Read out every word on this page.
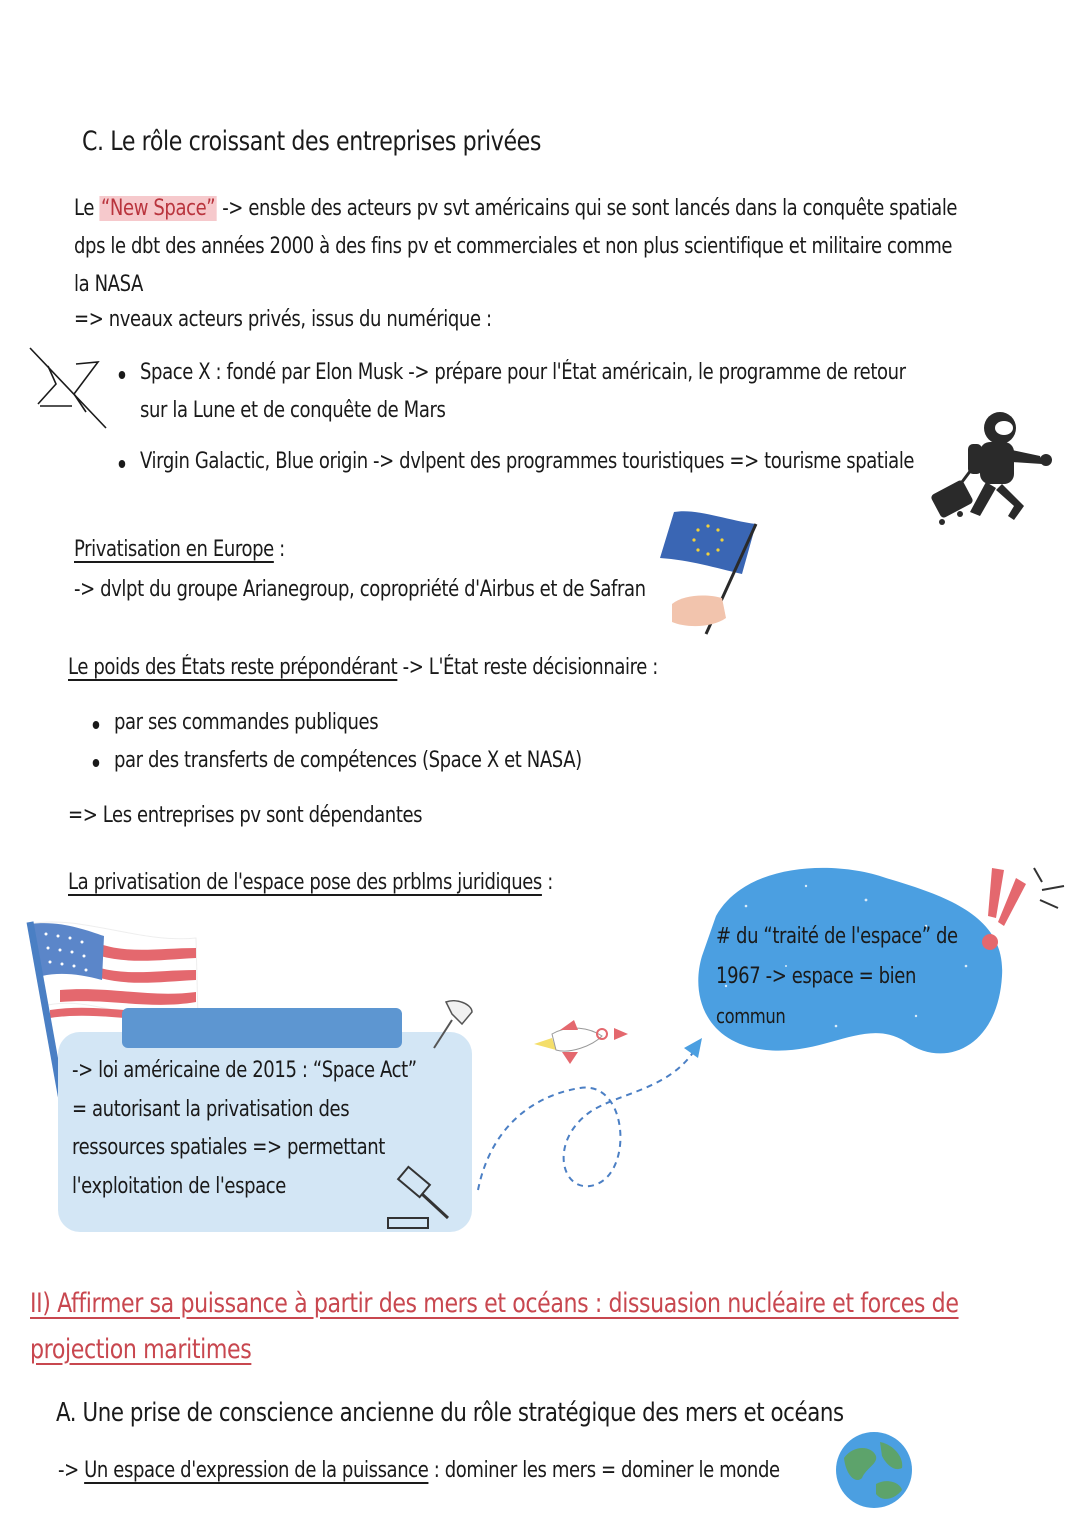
C. Le rôle croissant des entreprises privées
Le “New Space” -> ensble des acteurs pv svt américains qui se sont lancés dans la conquête spatiale
dps le dbt des années 2000 à des fins pv et commerciales et non plus scientifique et militaire comme
la NASA
=> nveaux acteurs privés, issus du numérique :
Space X : fondé par Elon Musk -> prépare pour l'État américain, le programme de retour
sur la Lune et de conquête de Mars
Virgin Galactic, Blue origin -> dvlpent des programmes touristiques => tourisme spatiale
Privatisation en Europe :
-> dvlpt du groupe Arianegroup, copropriété d'Airbus et de Safran
Le poids des États reste prépondérant -> L'État reste décisionnaire :
par ses commandes publiques
par des transferts de compétences (Space X et NASA)
=> Les entreprises pv sont dépendantes
La privatisation de l'espace pose des prblms juridiques :
-> loi américaine de 2015 : “Space Act”
= autorisant la privatisation des
ressources spatiales => permettant
l'exploitation de l'espace
# du “traité de l'espace” de
1967 -> espace = bien
commun
II) Affirmer sa puissance à partir des mers et océans : dissuasion nucléaire et forces de
projection maritimes
A. Une prise de conscience ancienne du rôle stratégique des mers et océans
-> Un espace d'expression de la puissance : dominer les mers = dominer le monde
